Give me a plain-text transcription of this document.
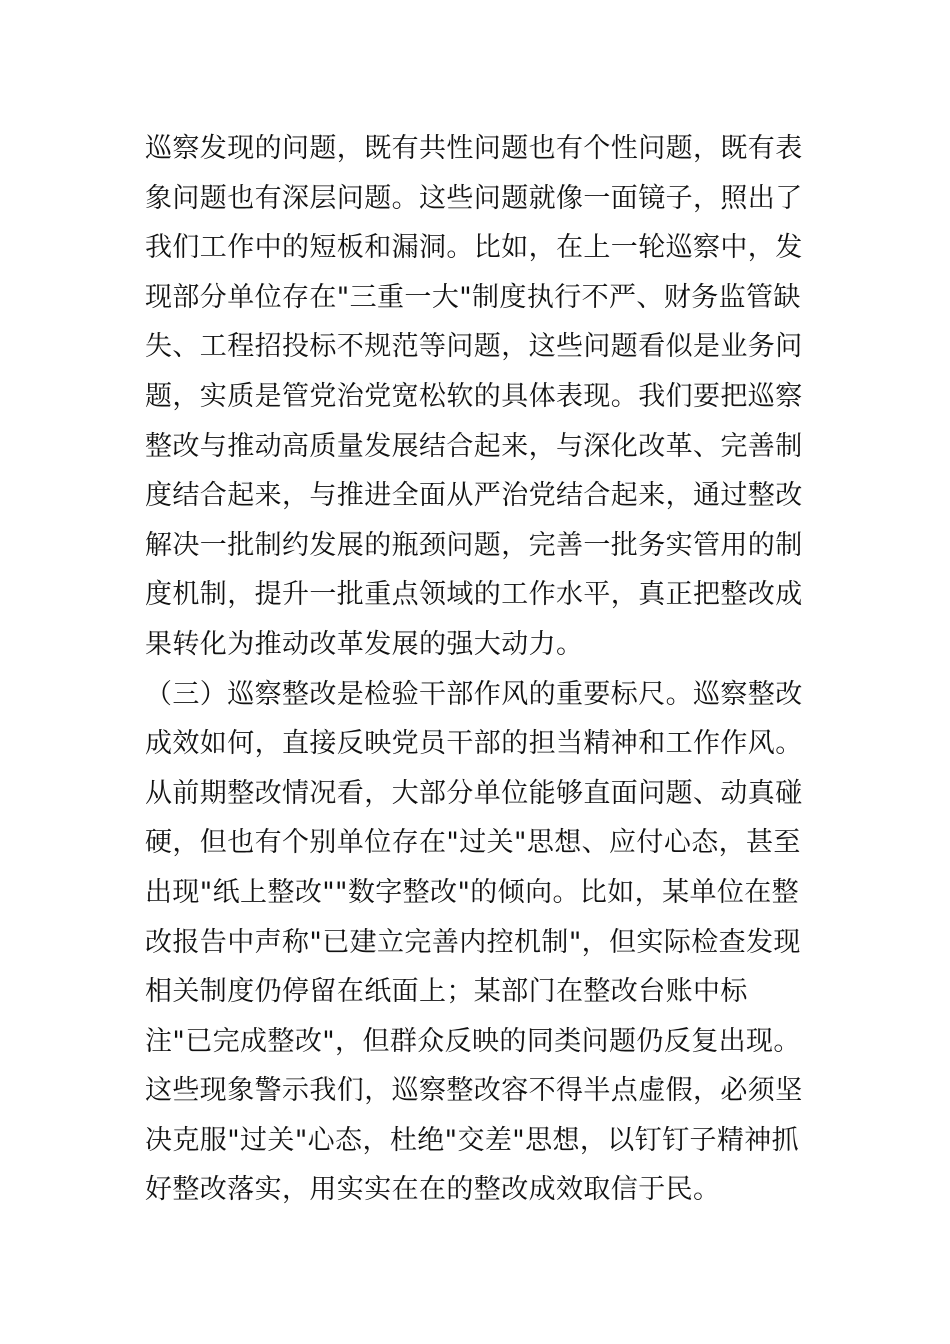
巡察发现的问题，既有共性问题也有个性问题，既有表象问题也有深层问题。这些问题就像一面镜子，照出了我们工作中的短板和漏洞。比如，在上一轮巡察中，发现部分单位存在"三重一大"制度执行不严、财务监管缺失、工程招投标不规范等问题，这些问题看似是业务问题，实质是管党治党宽松软的具体表现。我们要把巡察整改与推动高质量发展结合起来，与深化改革、完善制度结合起来，与推进全面从严治党结合起来，通过整改解决一批制约发展的瓶颈问题，完善一批务实管用的制度机制，提升一批重点领域的工作水平，真正把整改成果转化为推动改革发展的强大动力。

（三）巡察整改是检验干部作风的重要标尺。巡察整改成效如何，直接反映党员干部的担当精神和工作作风。从前期整改情况看，大部分单位能够直面问题、动真碰硬，但也有个别单位存在"过关"思想、应付心态，甚至出现"纸上整改""数字整改"的倾向。比如，某单位在整改报告中声称"已建立完善内控机制"，但实际检查发现相关制度仍停留在纸面上；某部门在整改台账中标注"已完成整改"，但群众反映的同类问题仍反复出现。这些现象警示我们，巡察整改容不得半点虚假，必须坚决克服"过关"心态，杜绝"交差"思想，以钉钉子精神抓好整改落实，用实实在在的整改成效取信于民。
